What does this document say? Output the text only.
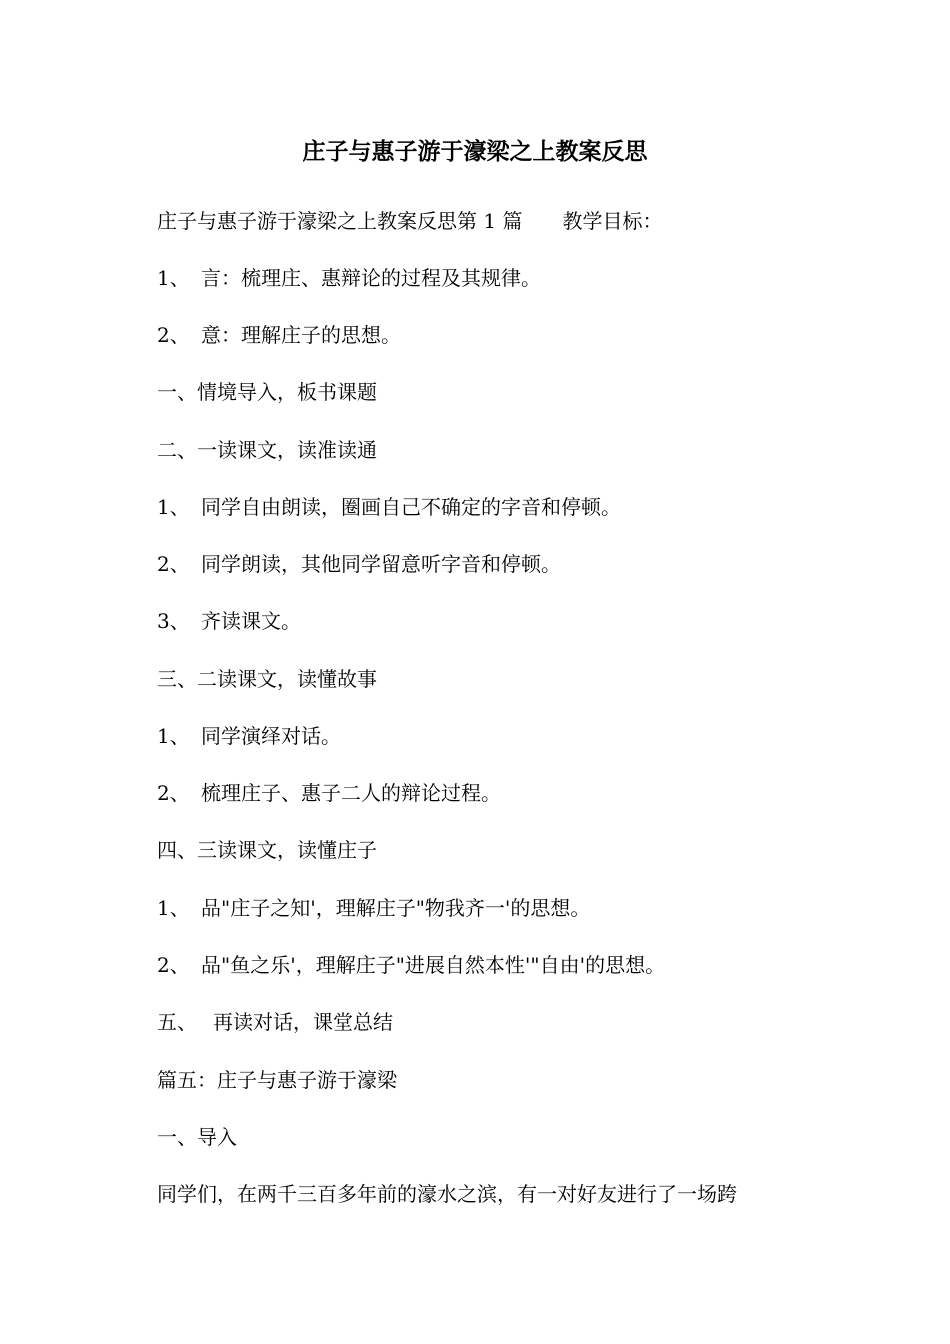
庄子与惠子游于濠梁之上教案反思
庄子与惠子游于濠梁之上教案反思第 1 篇 教学目标：
1、 言：梳理庄、惠辩论的过程及其规律。
2、 意：理解庄子的思想。
一、情境导入，板书课题
二、一读课文，读准读通
1、 同学自由朗读，圈画自己不确定的字音和停顿。
2、 同学朗读，其他同学留意听字音和停顿。
3、 齐读课文。
三、二读课文，读懂故事
1、 同学演绎对话。
2、 梳理庄子、惠子二人的辩论过程。
四、三读课文，读懂庄子
1、 品"庄子之知'，理解庄子"物我齐一'的思想。
2、 品"鱼之乐'，理解庄子"进展自然本性'"自由'的思想。
五、 再读对话，课堂总结
篇五：庄子与惠子游于濠梁
一、导入
同学们，在两千三百多年前的濠水之滨，有一对好友进行了一场跨
